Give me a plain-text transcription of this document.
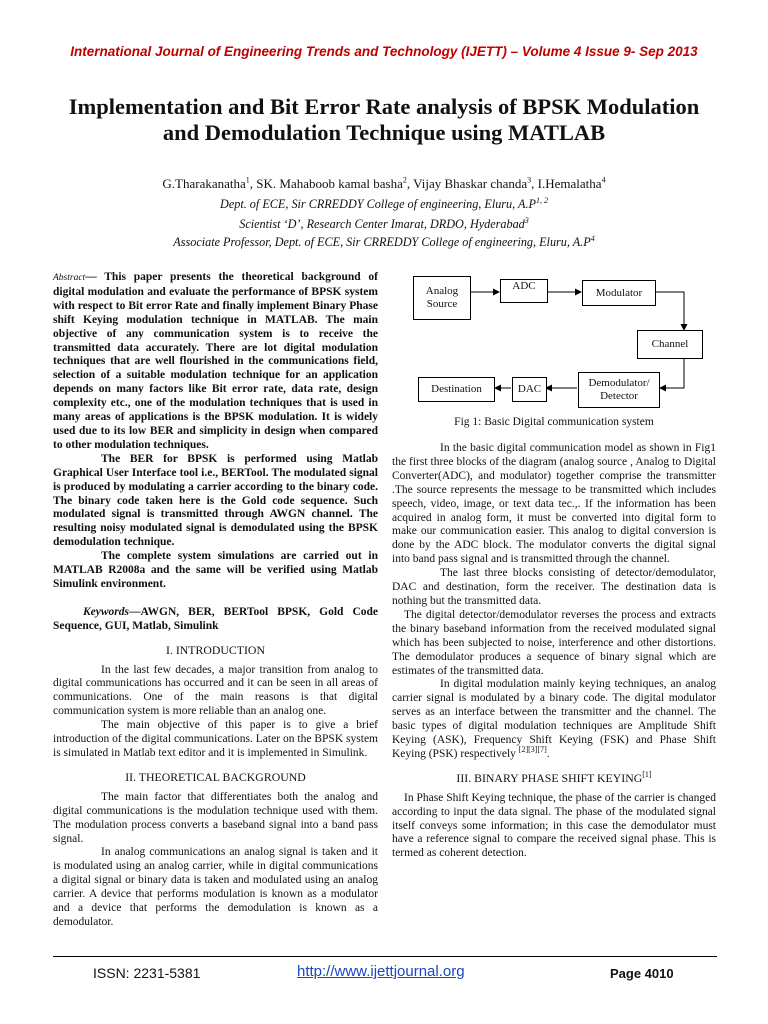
International Journal of Engineering Trends and Technology (IJETT) – Volume 4 Issue 9- Sep 2013
Implementation and Bit Error Rate analysis of BPSK Modulation and Demodulation Technique using MATLAB
G.Tharakanatha$^1$, SK. Mahaboob kamal basha$^2$, Vijay Bhaskar chanda$^3$, I.Hemalatha$^4$
Dept. of ECE, Sir CRREDDY College of engineering, Eluru, $A.P^{1, 2}$
Scientist ‘D’, Research Center Imarat, DRDO, Hyderabad$^3$
Associate Professor, Dept. of ECE, Sir CRREDDY College of engineering, Eluru, $A.P^4$

Abstract— This paper presents the theoretical background of digital modulation and evaluate the performance of BPSK system with respect to Bit error Rate and finally implement Binary Phase shift Keying modulation technique in MATLAB. The main objective of any communication system is to receive the transmitted data accurately. There are lot digital modulation techniques that are well flourished in the communications field, selection of a suitable modulation technique for an application depends on many factors like Bit error rate, data rate, design complexity etc., one of the modulation techniques that is used in many areas of applications is the BPSK modulation. It is widely used due to its low BER and simplicity in design when compared to other modulation techniques.

The BER for BPSK is performed using Matlab Graphical User Interface tool i.e., BERTool. The modulated signal is produced by modulating a carrier according to the binary code. The binary code taken here is the Gold code sequence. Such modulated signal is transmitted through AWGN channel. The resulting noisy modulated signal is demodulated using the BPSK demodulation technique.

The complete system simulations are carried out in MATLAB R2008a and the same will be verified using Matlab Simulink environment.

Keywords—AWGN, BER, BERTool BPSK, Gold Code Sequence, GUI, Matlab, Simulink

I. INTRODUCTION

In the last few decades, a major transition from analog to digital communications has occurred and it can be seen in all areas of communications. One of the main reasons is that digital communication system is more reliable than an analog one.

The main objective of this paper is to give a brief introduction of the digital communications. Later on the BPSK system is simulated in Matlab text editor and it is implemented in Simulink.

II. THEORETICAL BACKGROUND

The main factor that differentiates both the analog and digital communications is the modulation technique used with them. The modulation process converts a baseband signal into a band pass signal.

In analog communications an analog signal is taken and it is modulated using an analog carrier, while in digital communications a digital signal or binary data is taken and modulated using an analog carrier. A device that performs modulation is known as a modulator and a device that performs the demodulation is known as a demodulator.

Analog
Source
ADC
Modulator
Channel
Demodulator/
Detector
DAC
Destination
Fig 1: Basic Digital communication system

In the basic digital communication model as shown in Fig1 the first three blocks of the diagram (analog source , Analog to Digital Converter(ADC), and modulator) together comprise the transmitter .The source represents the message to be transmitted which includes speech, video, image, or text data tec.,. If the information has been acquired in analog form, it must be converted into digital form to make our communication easier. This analog to digital conversion is done by the ADC block. The modulator converts the digital signal into band pass signal and is transmitted through the channel.

The last three blocks consisting of detector/demodulator, DAC and destination, form the receiver. The destination data is nothing but the transmitted data.

The digital detector/demodulator reverses the process and extracts the binary baseband information from the received modulated signal which has been subjected to noise, interference and other distortions. The demodulator produces a sequence of binary signal which are estimates of the transmitted data.

In digital modulation mainly keying techniques, an analog carrier signal is modulated by a binary code. The digital modulator serves as an interface between the transmitter and the channel. The basic types of digital modulation techniques are Amplitude Shift Keying (ASK), Frequency Shift Keying (FSK) and Phase Shift Keying (PSK) respectively [2][3][7].

III. BINARY PHASE SHIFT KEYING[1]

In Phase Shift Keying technique, the phase of the carrier is changed according to input the data signal. The phase of the modulated signal itself conveys some information; in this case the demodulator must have a reference signal to compare the received signal phase. This is termed as coherent detection.

ISSN: 2231-5381	http://www.ijettjournal.org	Page 4010
